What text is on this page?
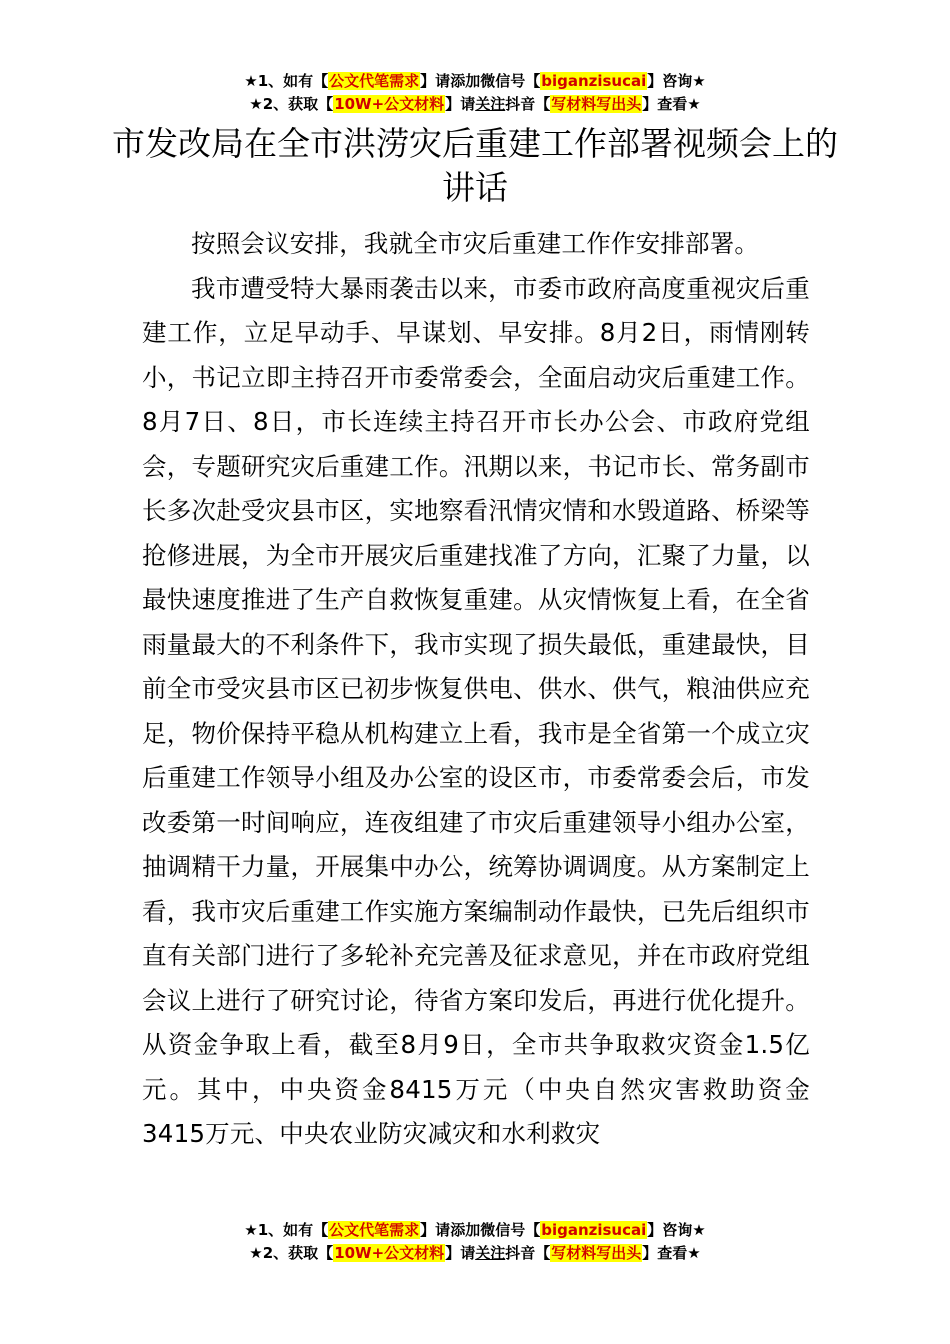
★1、如有【公文代笔需求】请添加微信号【biganzisucai】咨询★
★2、获取【10W+公文材料】请关注抖音【写材料写出头】查看★
市发改局在全市洪涝灾后重建工作部署视频会上的讲话

按照会议安排，我就全市灾后重建工作作安排部署。

我市遭受特大暴雨袭击以来，市委市政府高度重视灾后重建工作，立足早动手、早谋划、早安排。8月2日，雨情刚转小，书记立即主持召开市委常委会，全面启动灾后重建工作。8月7日、8日，市长连续主持召开市长办公会、市政府党组会，专题研究灾后重建工作。汛期以来，书记市长、常务副市长多次赴受灾县市区，实地察看汛情灾情和水毁道路、桥梁等抢修进展，为全市开展灾后重建找准了方向，汇聚了力量，以最快速度推进了生产自救恢复重建。从灾情恢复上看，在全省雨量最大的不利条件下，我市实现了损失最低，重建最快，目前全市受灾县市区已初步恢复供电、供水、供气，粮油供应充足，物价保持平稳从机构建立上看，我市是全省第一个成立灾后重建工作领导小组及办公室的设区市，市委常委会后，市发改委第一时间响应，连夜组建了市灾后重建领导小组办公室，抽调精干力量，开展集中办公，统筹协调调度。从方案制定上看，我市灾后重建工作实施方案编制动作最快，已先后组织市直有关部门进行了多轮补充完善及征求意见，并在市政府党组会议上进行了研究讨论，待省方案印发后，再进行优化提升。从资金争取上看，截至8月9日，全市共争取救灾资金1.5亿元。其中，中央资金8415万元（中央自然灾害救助资金3415万元、中央农业防灾减灾和水利救灾

★1、如有【公文代笔需求】请添加微信号【biganzisucai】咨询★
★2、获取【10W+公文材料】请关注抖音【写材料写出头】查看★
